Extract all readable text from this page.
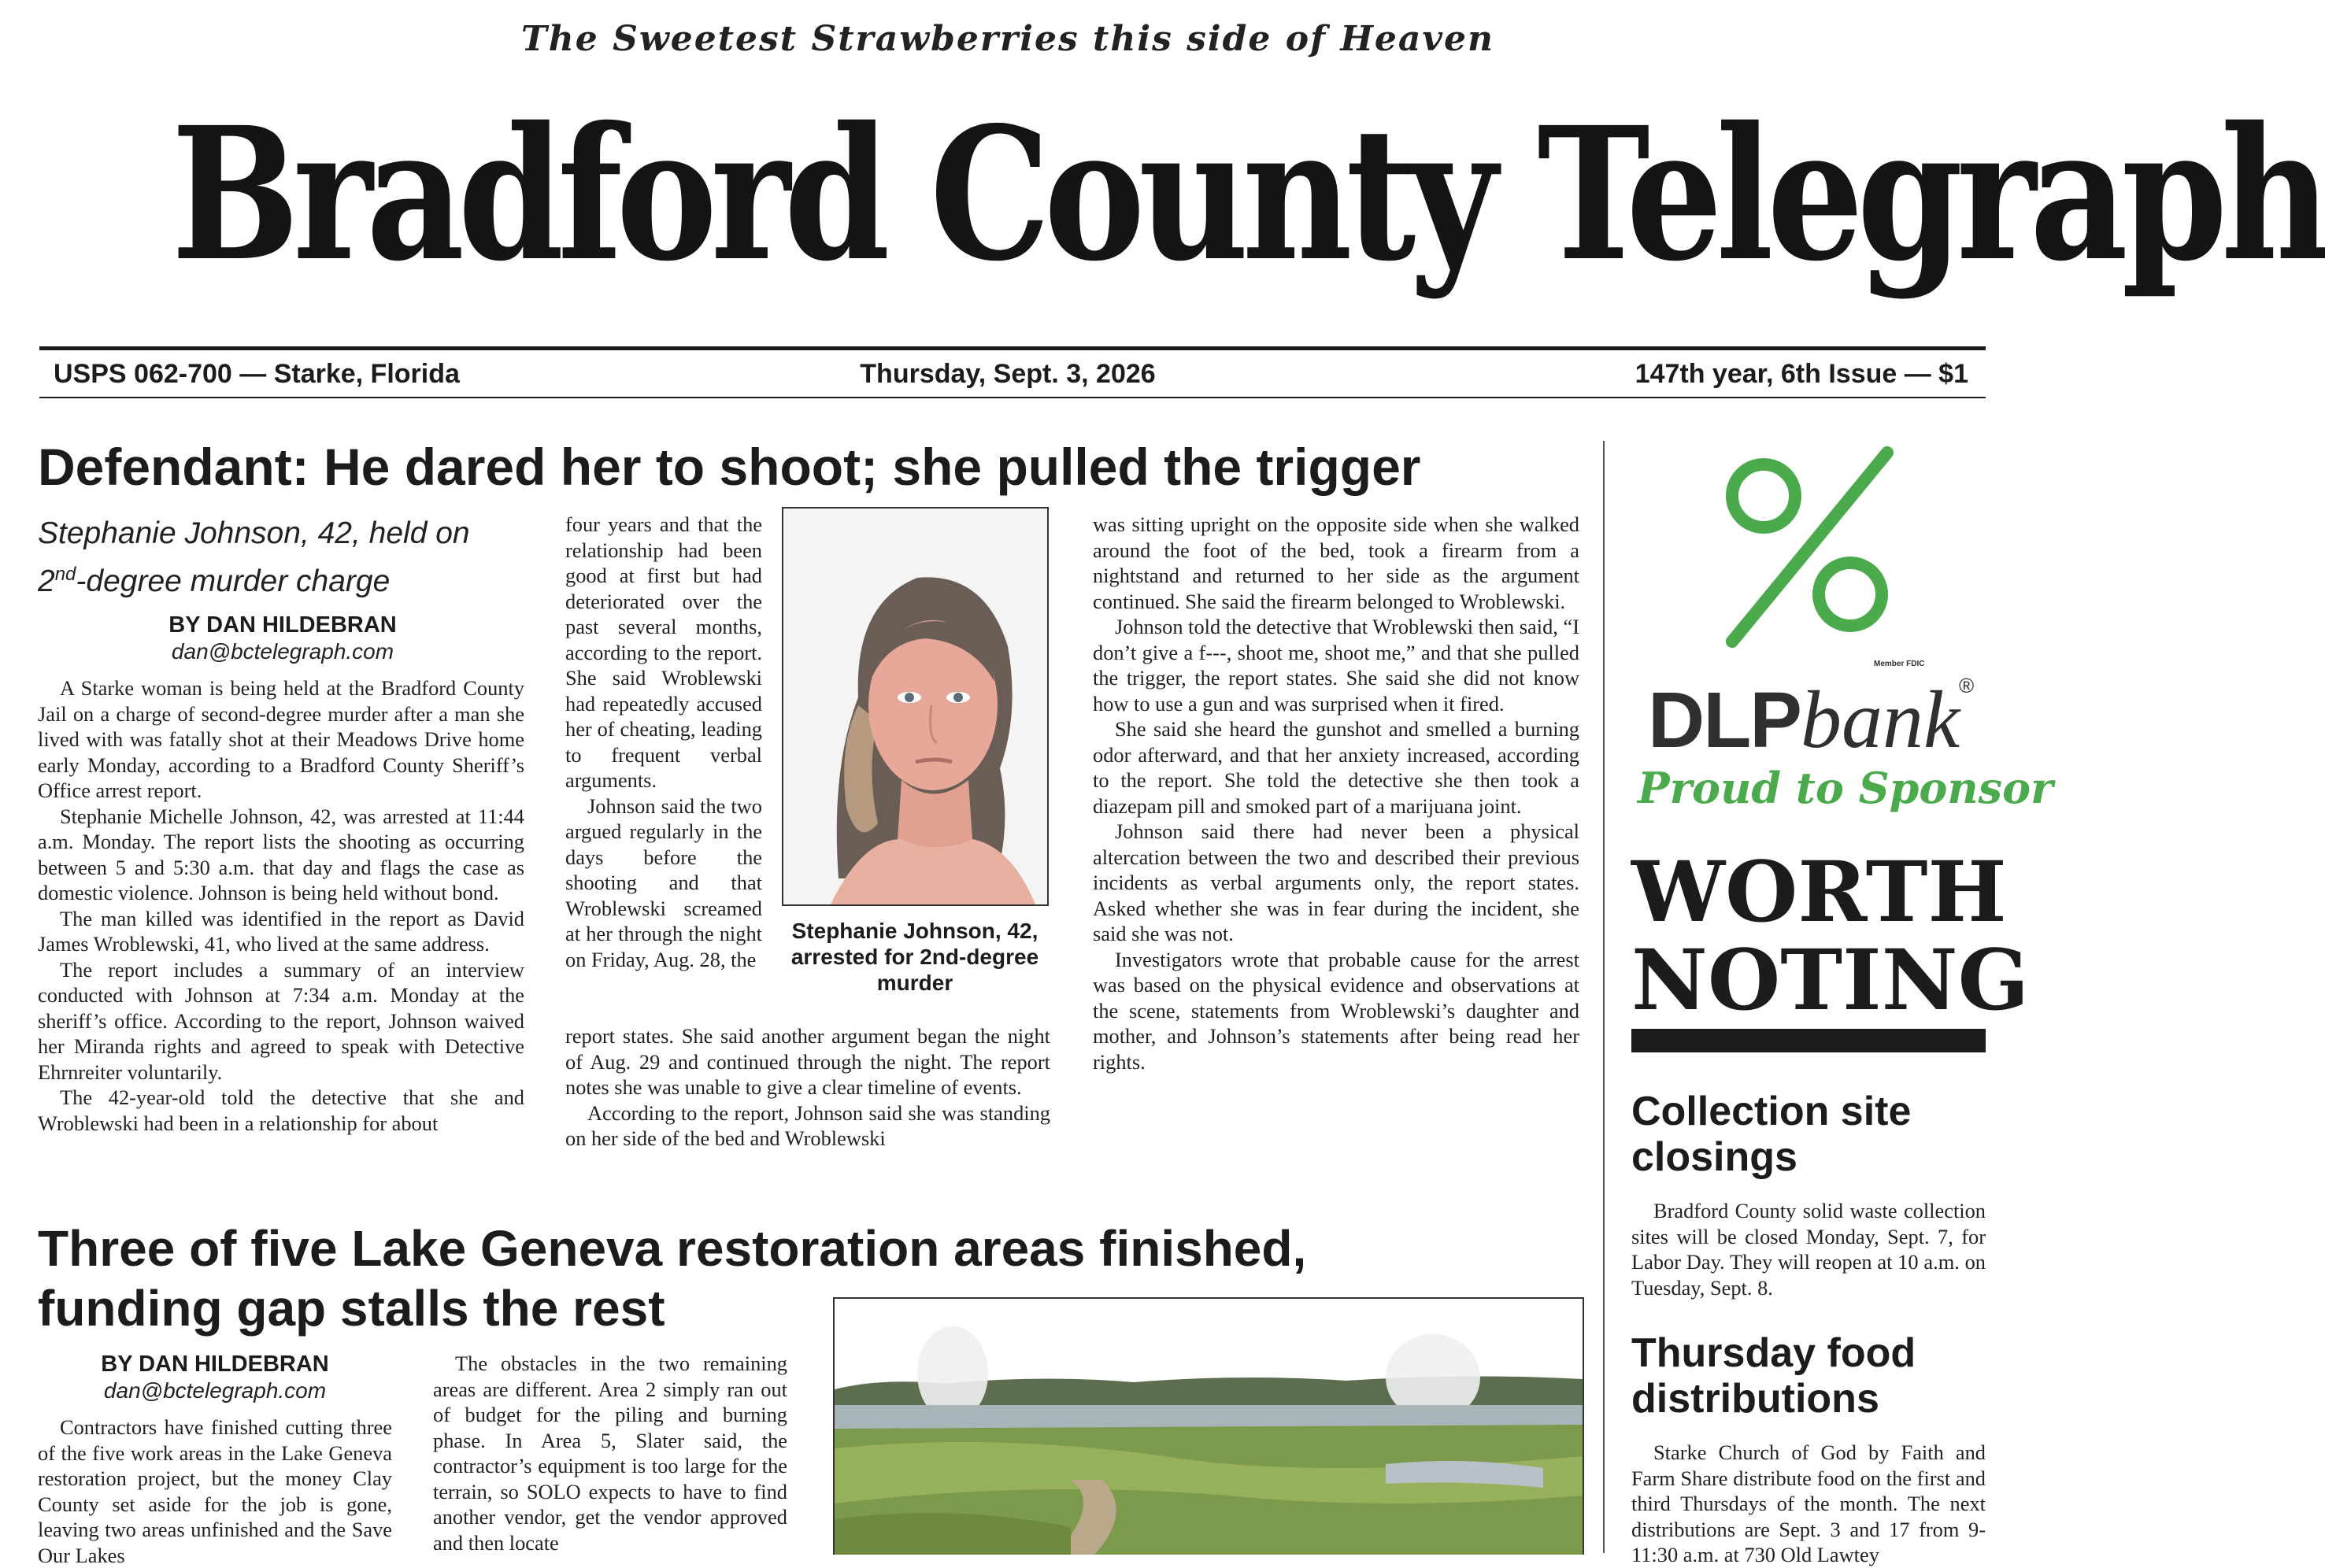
The Sweetest Strawberries this side of Heaven
Bradford County Telegraph
USPS 062-700 — Starke, Florida	Thursday, Sept. 3, 2026	147th year, 6th Issue — $1
Defendant: He dared her to shoot; she pulled the trigger
Stephanie Johnson, 42, held on
2nd-degree murder charge
BY DAN HILDEBRAN
dan@bctelegraph.com

A Starke woman is being held at the Bradford County Jail on a charge of second-degree murder after a man she lived with was fatally shot at their Meadows Drive home early Monday, according to a Bradford County Sheriff’s Office arrest report.

Stephanie Michelle Johnson, 42, was arrested at 11:44 a.m. Monday. The report lists the shooting as occurring between 5 and 5:30 a.m. that day and flags the case as domestic violence. Johnson is being held without bond.

The man killed was identified in the report as David James Wroblewski, 41, who lived at the same address.

The report includes a summary of an interview conducted with Johnson at 7:34 a.m. Monday at the sheriff’s office. According to the report, Johnson waived her Miranda rights and agreed to speak with Detective Ehrnreiter voluntarily.

The 42-year-old told the detective that she and Wroblewski had been in a relationship for about

four years and that the relationship had been good at first but had deteriorated over the past several months, according to the report. She said Wroblewski had repeatedly accused her of cheating, leading to frequent verbal arguments.

Johnson said the two argued regularly in the days before the shooting and that Wroblewski screamed at her through the night on Friday, Aug. 28, the

Stephanie Johnson, 42, arrested for 2nd-degree murder

report states. She said another argument began the night of Aug. 29 and continued through the night. The report notes she was unable to give a clear timeline of events.

According to the report, Johnson said she was standing on her side of the bed and Wroblewski

was sitting upright on the opposite side when she walked around the foot of the bed, took a firearm from a nightstand and returned to her side as the argument continued. She said the firearm belonged to Wroblewski.

Johnson told the detective that Wroblewski then said, “I don’t give a f---, shoot me, shoot me,” and that she pulled the trigger, the report states. She said she did not know how to use a gun and was surprised when it fired.

She said she heard the gunshot and smelled a burning odor afterward, and that her anxiety increased, according to the report. She told the detective she then took a diazepam pill and smoked part of a marijuana joint.

Johnson said there had never been a physical altercation between the two and described their previous incidents as verbal arguments only, the report states. Asked whether she was in fear during the incident, she said she was not.

Investigators wrote that probable cause for the arrest was based on the physical evidence and observations at the scene, statements from Wroblewski’s daughter and mother, and Johnson’s statements after being read her rights.

Three of five Lake Geneva restoration areas finished,
funding gap stalls the rest
BY DAN HILDEBRAN
dan@bctelegraph.com

Contractors have finished cutting three of the five work areas in the Lake Geneva restoration project, but the money Clay County set aside for the job is gone, leaving two areas unfinished and the Save Our Lakes

The obstacles in the two remaining areas are different. Area 2 simply ran out of budget for the piling and burning phase. In Area 5, Slater said, the contractor’s equipment is too large for the terrain, so SOLO expects to have to find another vendor, get the vendor approved and then locate

DLPbank
®
Member FDIC
Proud to Sponsor
WORTH
NOTING
Collection site closings

Bradford County solid waste collection sites will be closed Monday, Sept. 7, for Labor Day. They will reopen at 10 a.m. on Tuesday, Sept. 8.

Thursday food distributions

Starke Church of God by Faith and Farm Share distribute food on the first and third Thursdays of the month. The next distributions are Sept. 3 and 17 from 9-11:30 a.m. at 730 Old Lawtey
